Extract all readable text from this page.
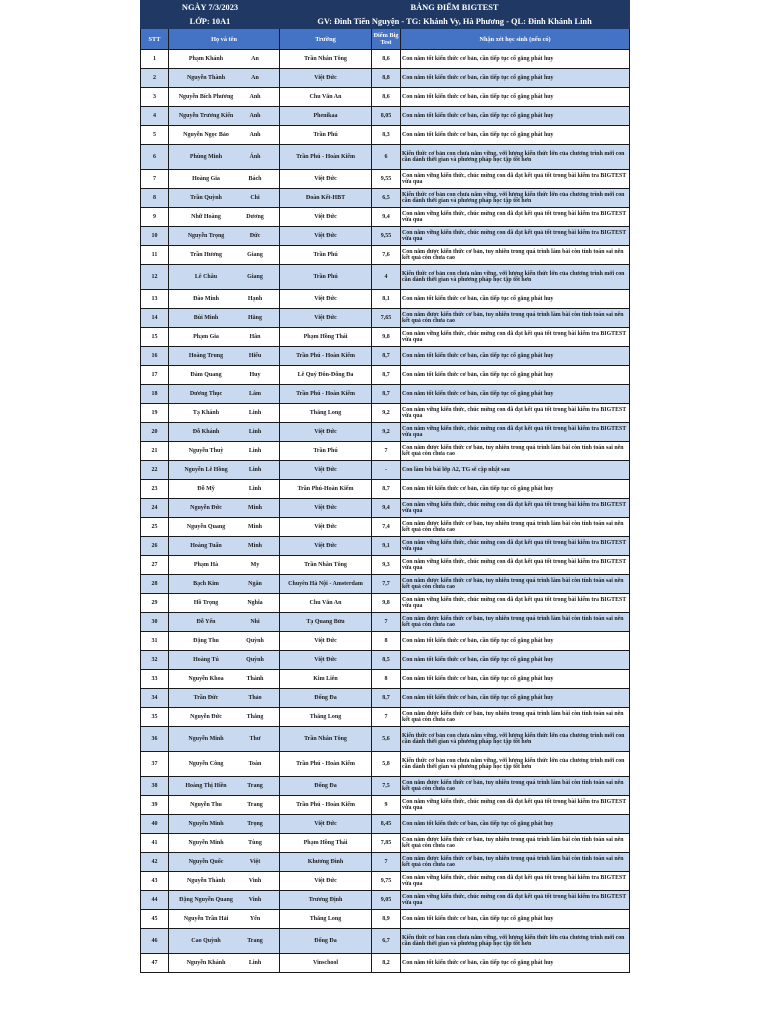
NGÀY 7/3/2023		BẢNG ĐIỂM BIGTEST		
LỚP: 10A1		GV: Đinh Tiến Nguyện - TG: Khánh Vy, Hà Phương - QL: Đinh Khánh Linh		
STT	Họ và tên	Trường	Điểm Big Test	Nhận xét học sinh (nếu có)
1	Phạm Khánh An	Trần Nhân Tông	8,6	Con nắm tốt kiến thức cơ bản, cần tiếp tục cố gắng phát huy
2	Nguyễn Thành An	Việt Đức	8,8	Con nắm tốt kiến thức cơ bản, cần tiếp tục cố gắng phát huy
3	Nguyễn Bích Phương Anh	Chu Văn An	8,6	Con nắm tốt kiến thức cơ bản, cần tiếp tục cố gắng phát huy
4	Nguyễn Trương Kiến Anh	Phenikaa	8,05	Con nắm tốt kiến thức cơ bản, cần tiếp tục cố gắng phát huy
5	Nguyễn Ngọc Bảo Anh	Trần Phú	8,3	Con nắm tốt kiến thức cơ bản, cần tiếp tục cố gắng phát huy
6	Phùng Minh Ánh	Trần Phú - Hoàn Kiếm	6	Kiến thức cơ bản con chưa nắm vững, với lượng kiến thức lớn của chương trình mới con cần dành thời gian và phương pháp học tập tốt hơn
7	Hoàng Gia Bách	Việt Đức	9,55	Con nắm vững kiến thức, chúc mừng con đã đạt kết quả tốt trong bài kiểm tra BIGTEST vừa qua
8	Trần Quỳnh Chi	Đoàn Kết-HBT	6,5	Kiến thức cơ bản con chưa nắm vững, với lượng kiến thức lớn của chương trình mới con cần dành thời gian và phương pháp học tập tốt hơn
9	Nhữ Hoàng Dương	Việt Đức	9,4	Con nắm vững kiến thức, chúc mừng con đã đạt kết quả tốt trong bài kiểm tra BIGTEST vừa qua
10	Nguyễn Trọng Đức	Việt Đức	9,55	Con nắm vững kiến thức, chúc mừng con đã đạt kết quả tốt trong bài kiểm tra BIGTEST vừa qua
11	Trần Hương Giang	Trần Phú	7,6	Con nắm được kiến thức cơ bản, tuy nhiên trong quá trình làm bài còn tính toán sai nên kết quả còn chưa cao
12	Lê Châu Giang	Trần Phú	4	Kiến thức cơ bản con chưa nắm vững, với lượng kiến thức lớn của chương trình mới con cần dành thời gian và phương pháp học tập tốt hơn
13	Đào Minh Hạnh	Việt Đức	8,1	Con nắm tốt kiến thức cơ bản, cần tiếp tục cố gắng phát huy
14	Bùi Minh Hằng	Việt Đức	7,65	Con nắm được kiến thức cơ bản, tuy nhiên trong quá trình làm bài còn tính toán sai nên kết quả còn chưa cao
15	Phạm Gia Hân	Phạm Hồng Thái	9,8	Con nắm vững kiến thức, chúc mừng con đã đạt kết quả tốt trong bài kiểm tra BIGTEST vừa qua
16	Hoàng Trung Hiếu	Trần Phú - Hoàn Kiếm	8,7	Con nắm tốt kiến thức cơ bản, cần tiếp tục cố gắng phát huy
17	Đàm Quang Huy	Lê Quý Đôn-Đống Đa	8,7	Con nắm tốt kiến thức cơ bản, cần tiếp tục cố gắng phát huy
18	Dương Thục Lâm	Trần Phú - Hoàn Kiếm	8,7	Con nắm tốt kiến thức cơ bản, cần tiếp tục cố gắng phát huy
19	Tạ Khánh Linh	Thăng Long	9,2	Con nắm vững kiến thức, chúc mừng con đã đạt kết quả tốt trong bài kiểm tra BIGTEST vừa qua
20	Đỗ Khánh Linh	Việt Đức	9,2	Con nắm vững kiến thức, chúc mừng con đã đạt kết quả tốt trong bài kiểm tra BIGTEST vừa qua
21	Nguyễn Thuỳ Linh	Trần Phú	7	Con nắm được kiến thức cơ bản, tuy nhiên trong quá trình làm bài còn tính toán sai nên kết quả còn chưa cao
22	Nguyễn Lê Hồng Linh	Việt Đức	-	Con làm bù bài lớp A2, TG sẽ cập nhật sau
23	Đỗ Mỹ Linh	Trần Phú-Hoàn Kiếm	8,7	Con nắm tốt kiến thức cơ bản, cần tiếp tục cố gắng phát huy
24	Nguyễn Đức Minh	Việt Đức	9,4	Con nắm vững kiến thức, chúc mừng con đã đạt kết quả tốt trong bài kiểm tra BIGTEST vừa qua
25	Nguyễn Quang Minh	Việt Đức	7,4	Con nắm được kiến thức cơ bản, tuy nhiên trong quá trình làm bài còn tính toán sai nên kết quả còn chưa cao
26	Hoàng Tuấn Minh	Việt Đức	9,1	Con nắm vững kiến thức, chúc mừng con đã đạt kết quả tốt trong bài kiểm tra BIGTEST vừa qua
27	Phạm Hà My	Trần Nhân Tông	9,3	Con nắm vững kiến thức, chúc mừng con đã đạt kết quả tốt trong bài kiểm tra BIGTEST vừa qua
28	Bạch Kim Ngân	Chuyên Hà Nội - Amsterdam	7,7	Con nắm được kiến thức cơ bản, tuy nhiên trong quá trình làm bài còn tính toán sai nên kết quả còn chưa cao
29	Hồ Trọng Nghĩa	Chu Văn An	9,8	Con nắm vững kiến thức, chúc mừng con đã đạt kết quả tốt trong bài kiểm tra BIGTEST vừa qua
30	Đỗ Yến Nhi	Tạ Quang Bửu	7	Con nắm được kiến thức cơ bản, tuy nhiên trong quá trình làm bài còn tính toán sai nên kết quả còn chưa cao
31	Đặng Thu Quỳnh	Việt Đức	8	Con nắm tốt kiến thức cơ bản, cần tiếp tục cố gắng phát huy
32	Hoàng Tú Quỳnh	Việt Đức	8,5	Con nắm tốt kiến thức cơ bản, cần tiếp tục cố gắng phát huy
33	Nguyễn Khoa Thành	Kim Liên	8	Con nắm tốt kiến thức cơ bản, cần tiếp tục cố gắng phát huy
34	Trần Đức Thảo	Đống Đa	8,7	Con nắm tốt kiến thức cơ bản, cần tiếp tục cố gắng phát huy
35	Nguyễn Đức Thắng	Thăng Long	7	Con nắm được kiến thức cơ bản, tuy nhiên trong quá trình làm bài còn tính toán sai nên kết quả còn chưa cao
36	Nguyễn Minh Thư	Trần Nhân Tông	5,6	Kiến thức cơ bản con chưa nắm vững, với lượng kiến thức lớn của chương trình mới con cần dành thời gian và phương pháp học tập tốt hơn
37	Nguyễn Công Toàn	Trần Phú - Hoàn Kiếm	5,8	Kiến thức cơ bản con chưa nắm vững, với lượng kiến thức lớn của chương trình mới con cần dành thời gian và phương pháp học tập tốt hơn
38	Hoàng Thị Hiền Trang	Đống Đa	7,5	Con nắm được kiến thức cơ bản, tuy nhiên trong quá trình làm bài còn tính toán sai nên kết quả còn chưa cao
39	Nguyễn Thu Trang	Trần Phú - Hoàn Kiếm	9	Con nắm vững kiến thức, chúc mừng con đã đạt kết quả tốt trong bài kiểm tra BIGTEST vừa qua
40	Nguyễn Minh Trọng	Việt Đức	8,45	Con nắm tốt kiến thức cơ bản, cần tiếp tục cố gắng phát huy
41	Nguyễn Minh Tùng	Phạm Hồng Thái	7,85	Con nắm được kiến thức cơ bản, tuy nhiên trong quá trình làm bài còn tính toán sai nên kết quả còn chưa cao
42	Nguyễn Quốc Việt	Khương Đình	7	Con nắm được kiến thức cơ bản, tuy nhiên trong quá trình làm bài còn tính toán sai nên kết quả còn chưa cao
43	Nguyễn Thành Vinh	Việt Đức	9,75	Con nắm vững kiến thức, chúc mừng con đã đạt kết quả tốt trong bài kiểm tra BIGTEST vừa qua
44	Đặng Nguyễn Quang Vinh	Trương Định	9,05	Con nắm vững kiến thức, chúc mừng con đã đạt kết quả tốt trong bài kiểm tra BIGTEST vừa qua
45	Nguyễn Trần Hải Yến	Thăng Long	8,9	Con nắm tốt kiến thức cơ bản, cần tiếp tục cố gắng phát huy
46	Cao Quỳnh Trang	Đống Đa	6,7	Kiến thức cơ bản con chưa nắm vững, với lượng kiến thức lớn của chương trình mới con cần dành thời gian và phương pháp học tập tốt hơn
47	Nguyễn Khánh Linh	Vinschool	8,2	Con nắm tốt kiến thức cơ bản, cần tiếp tục cố gắng phát huy
